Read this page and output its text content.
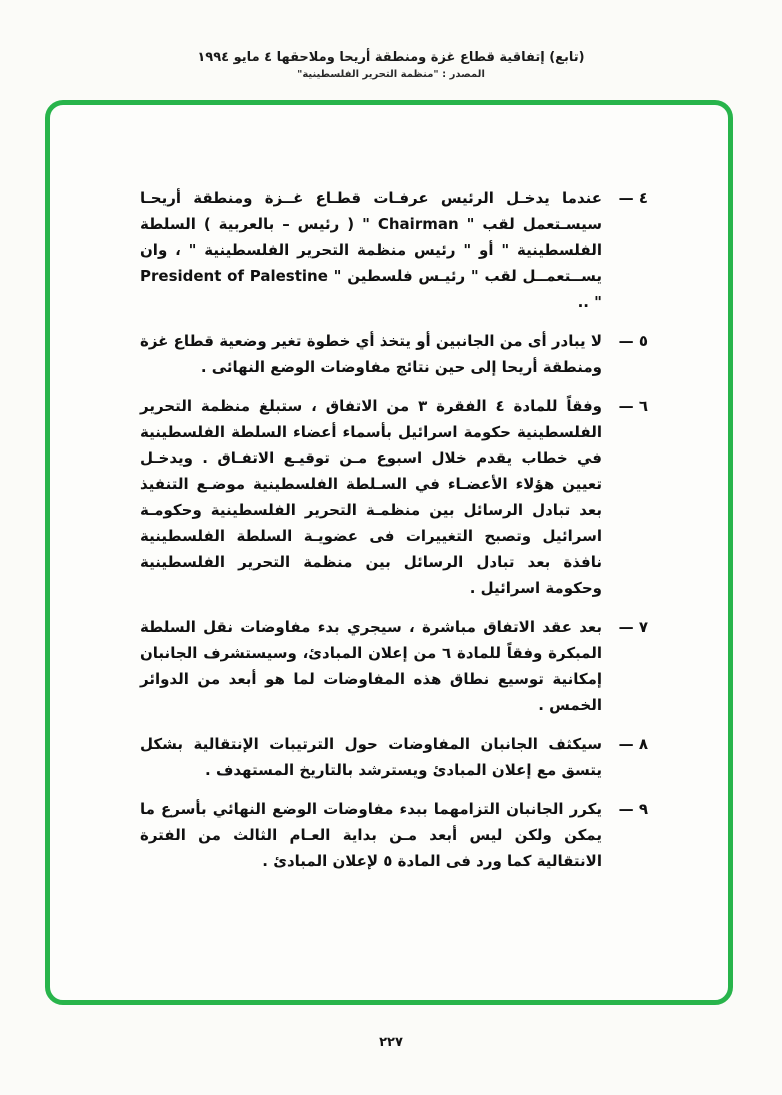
(تابع) إتفاقية قطاع غزة ومنطقة أريحا وملاحقها ٤ مايو ١٩٩٤
المصدر : "منظمة التحرير الفلسطينية"
٤ —
عندما يدخـل الرئيس عرفـات قطـاع غــزة ومنطقة أريحـا سيسـتعمل لقب " Chairman " ( رئيس – بالعربية ) السلطة الفلسطينية " أو " رئيس منظمة التحرير الفلسطينية " ، وان يســتعمــل لقب " رئيـس فلسطين " President of Palestine " ..
٥ —
لا يبادر أى من الجانبين أو يتخذ أي خطوة تغير وضعية قطاع غزة ومنطقة أريحا إلى حين نتائج مفاوضات الوضع النهائى .
٦ —
وفقاً للمادة ٤ الفقرة ٣ من الاتفاق ، ستبلغ منظمة التحرير الفلسطينية حكومة اسرائيل بأسماء أعضاء السلطة الفلسطينية في خطاب يقدم خلال اسبوع مـن توقيـع الاتفـاق . ويدخـل تعيين هؤلاء الأعضـاء في السـلطة الفلسطينية موضـع التنفيذ بعد تبادل الرسائل بين منظمـة التحرير الفلسطينية وحكومـة اسرائيل وتصبح التغييرات فى عضويـة السلطة الفلسطينية نافذة بعد تبادل الرسائل بين منظمة التحرير الفلسطينية وحكومة اسرائيل .
٧ —
بعد عقد الاتفاق مباشرة ، سيجري بدء مفاوضات نقل السلطة المبكرة وفقاً للمادة ٦ من إعلان المبادئ، وسيستشرف الجانبان إمكانية توسيع نطاق هذه المفاوضات لما هو أبعد من الدوائر الخمس .
٨ —
سيكثف الجانبان المفاوضات حول الترتيبات الإنتقالية بشكل يتسق مع إعلان المبادئ ويسترشد بالتاريخ المستهدف .
٩ —
يكرر الجانبان التزامهما ببدء مفاوضات الوضع النهائي بأسرع ما يمكن ولكن ليس أبعد مـن بداية العـام الثالث من الفترة الانتقالية كما ورد فى المادة ٥ لإعلان المبادئ .
٢٢٧
